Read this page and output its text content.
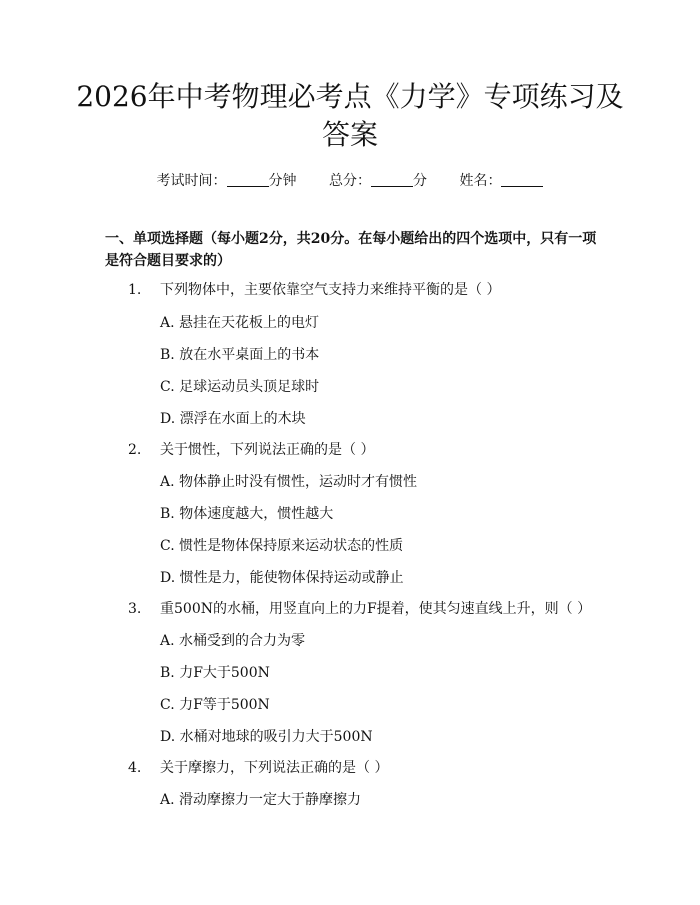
2026年中考物理必考点《力学》专项练习及答案
考试时间：	分钟 总分：	分 姓名：

一、单项选择题（每小题2分，共20分。在每小题给出的四个选项中，只有一项是符合题目要求的）

1.	下列物体中，主要依靠空气支持力来维持平衡的是（ ）
A. 悬挂在天花板上的电灯
B. 放在水平桌面上的书本
C. 足球运动员头顶足球时
D. 漂浮在水面上的木块
2.	关于惯性，下列说法正确的是（ ）
A. 物体静止时没有惯性，运动时才有惯性
B. 物体速度越大，惯性越大
C. 惯性是物体保持原来运动状态的性质
D. 惯性是力，能使物体保持运动或静止
3.	重500N的水桶，用竖直向上的力F提着，使其匀速直线上升，则（ ）
A. 水桶受到的合力为零
B. 力F大于500N
C. 力F等于500N
D. 水桶对地球的吸引力大于500N
4.	关于摩擦力，下列说法正确的是（ ）
A. 滑动摩擦力一定大于静摩擦力
